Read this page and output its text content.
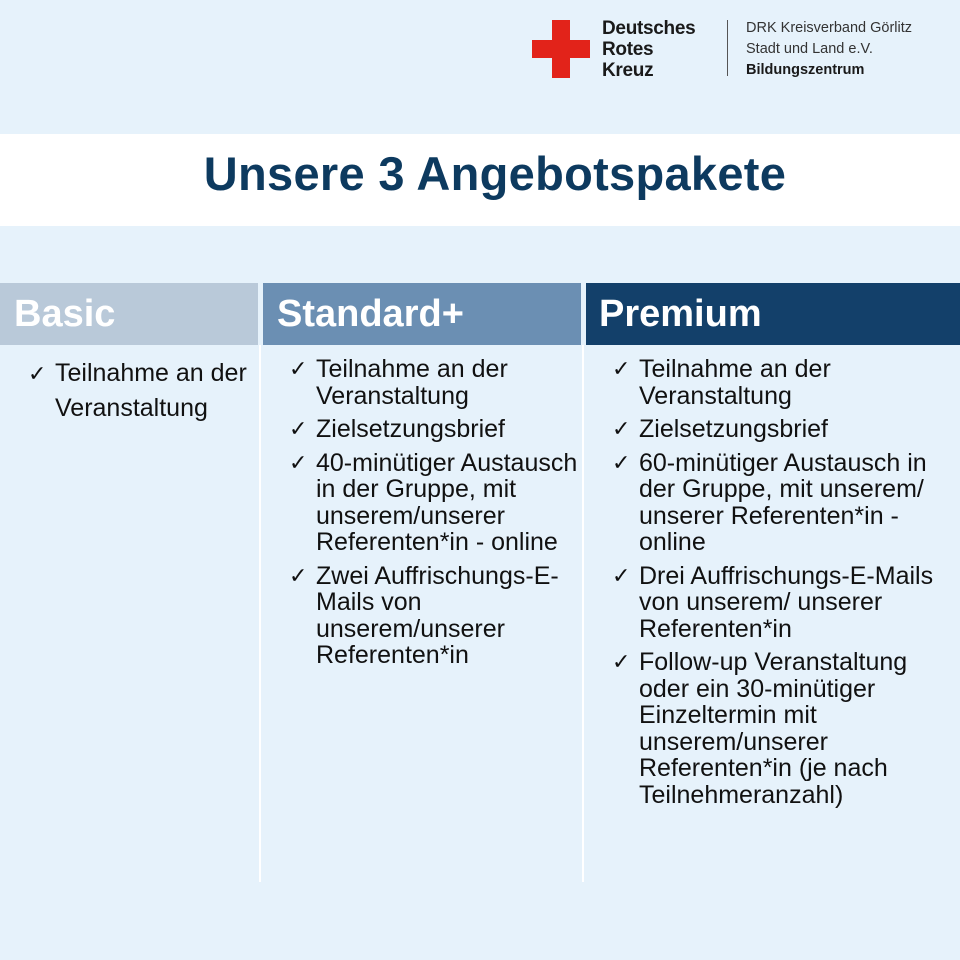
Deutsches
Rotes
Kreuz
DRK Kreisverband Görlitz
Stadt und Land e.V.
Bildungszentrum
Unsere 3 Angebotspakete
Basic	Standard+	Premium
✓ Teilnahme an der Veranstaltung
✓ Teilnahme an der Veranstaltung
✓ Zielsetzungsbrief
✓ 40-minütiger Austausch in der Gruppe, mit unserem/unserer Referenten*in - online
✓ Zwei Auffrischungs-E-Mails von unserem/unserer Referenten*in
✓ Teilnahme an der Veranstaltung
✓ Zielsetzungsbrief
✓ 60-minütiger Austausch in der Gruppe, mit unserem/ unserer Referenten*in - online
✓ Drei Auffrischungs-E-Mails von unserem/ unserer Referenten*in
✓ Follow-up Veranstaltung oder ein 30-minütiger Einzeltermin mit unserem/unserer Referenten*in (je nach Teilnehmeranzahl)
